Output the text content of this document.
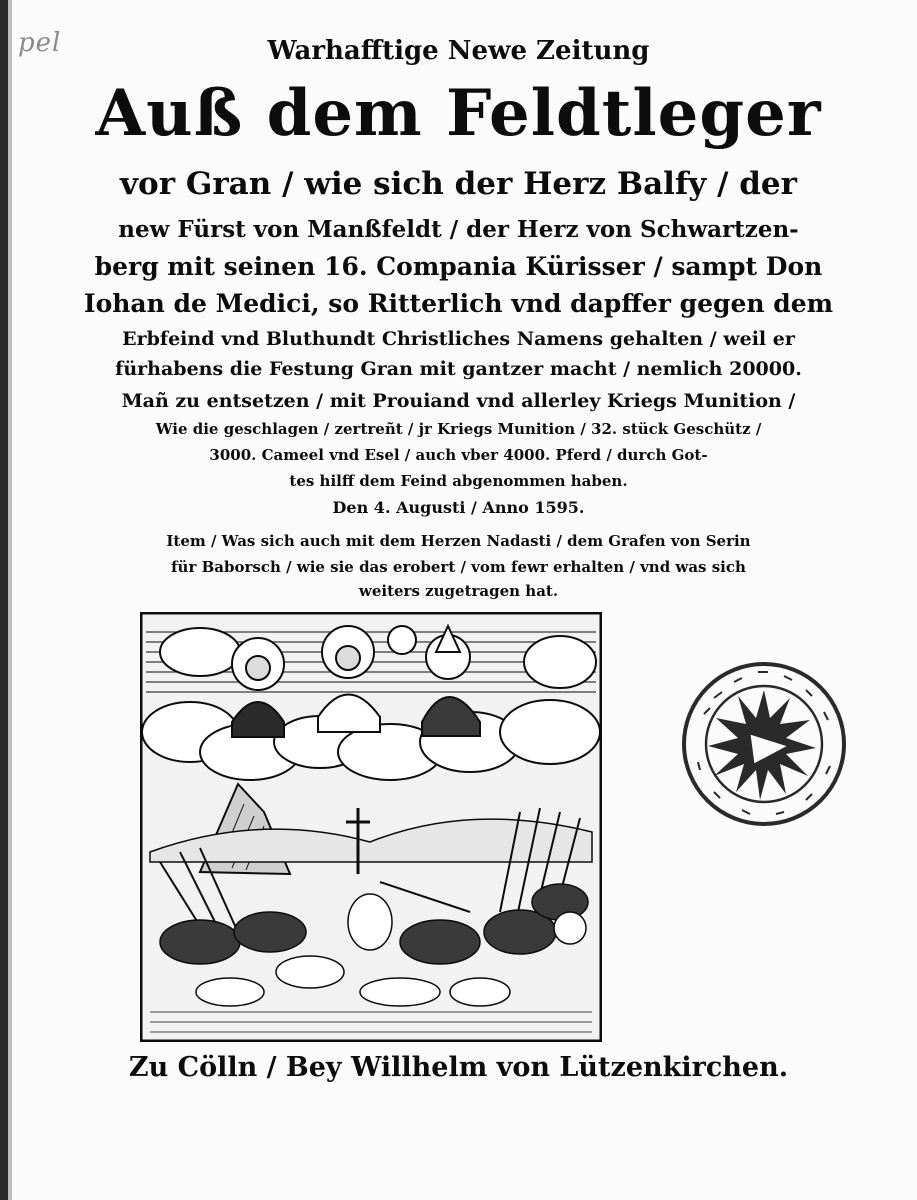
pel	Warhafftige Newe Zeitung
Auß dem Feldtleger
vor Gran / wie sich der Herz Balfy / der
new Fürst von Manßfeldt / der Herz von Schwartzen-
berg mit seinen 16. Compania Kürisser / sampt Don
Iohan de Medici, so Ritterlich vnd dapffer gegen dem
Erbfeind vnd Bluthundt Christliches Namens gehalten / weil er
fürhabens die Festung Gran mit gantzer macht / nemlich 20000.
Mañ zu entsetzen / mit Prouiand vnd allerley Kriegs Munition /
Wie die geschlagen / zertreñt / jr Kriegs Munition / 32. stück Geschütz /
3000. Cameel vnd Esel / auch vber 4000. Pferd / durch Got-
tes hilff dem Feind abgenommen haben.
Den 4. Augusti / Anno 1595.
Item / Was sich auch mit dem Herzen Nadasti / dem Grafen von Serin
für Baborsch / wie sie das erobert / vom fewr erhalten / vnd was sich
weiters zugetragen hat.
Zu Cölln / Bey Willhelm von Lützenkirchen.
